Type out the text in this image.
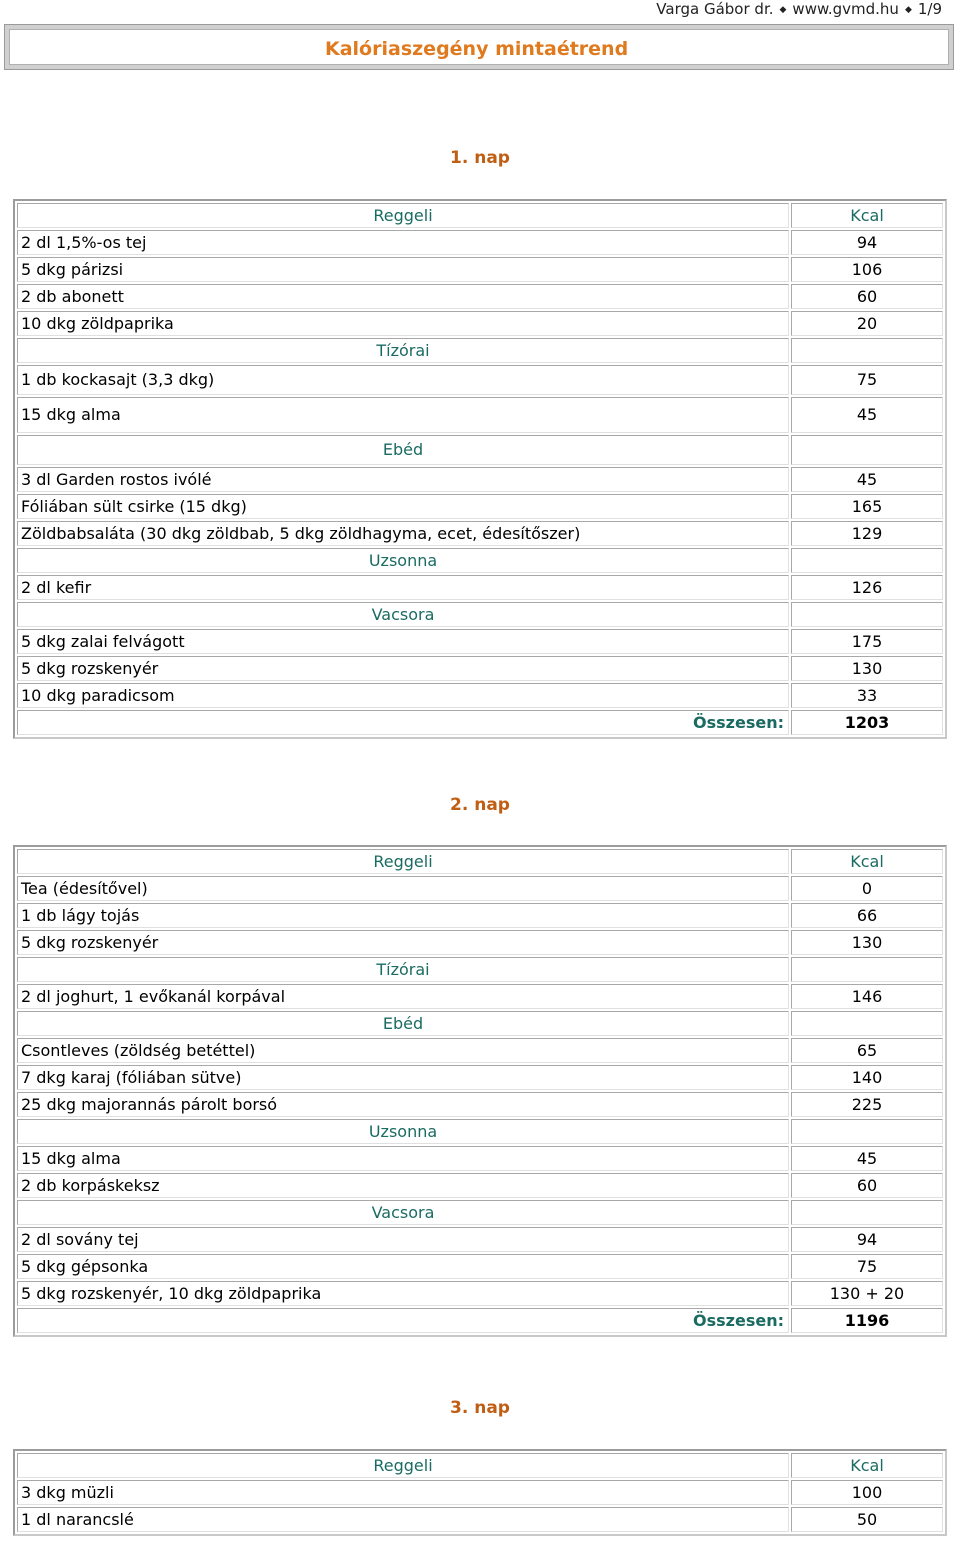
Varga Gábor dr. ◆ www.gvmd.hu ◆ 1/9
Kalóriaszegény mintaétrend
1. nap
Reggeli	Kcal
2 dl 1,5%-os tej	94
5 dkg párizsi	106
2 db abonett	60
10 dkg zöldpaprika	20
Tízórai	
1 db kockasajt (3,3 dkg)	75
15 dkg alma	45
Ebéd	
3 dl Garden rostos ivólé	45
Fóliában sült csirke (15 dkg)	165
Zöldbabsaláta (30 dkg zöldbab, 5 dkg zöldhagyma, ecet, édesítőszer)	129
Uzsonna	
2 dl kefir	126
Vacsora	
5 dkg zalai felvágott	175
5 dkg rozskenyér	130
10 dkg paradicsom	33
Összesen:	1203
2. nap
Reggeli	Kcal
Tea (édesítővel)	0
1 db lágy tojás	66
5 dkg rozskenyér	130
Tízórai	
2 dl joghurt, 1 evőkanál korpával	146
Ebéd	
Csontleves (zöldség betéttel)	65
7 dkg karaj (fóliában sütve)	140
25 dkg majorannás párolt borsó	225
Uzsonna	
15 dkg alma	45
2 db korpáskeksz	60
Vacsora	
2 dl sovány tej	94
5 dkg gépsonka	75
5 dkg rozskenyér, 10 dkg zöldpaprika	130 + 20
Összesen:	1196
3. nap
Reggeli	Kcal
3 dkg müzli	100
1 dl narancslé	50
